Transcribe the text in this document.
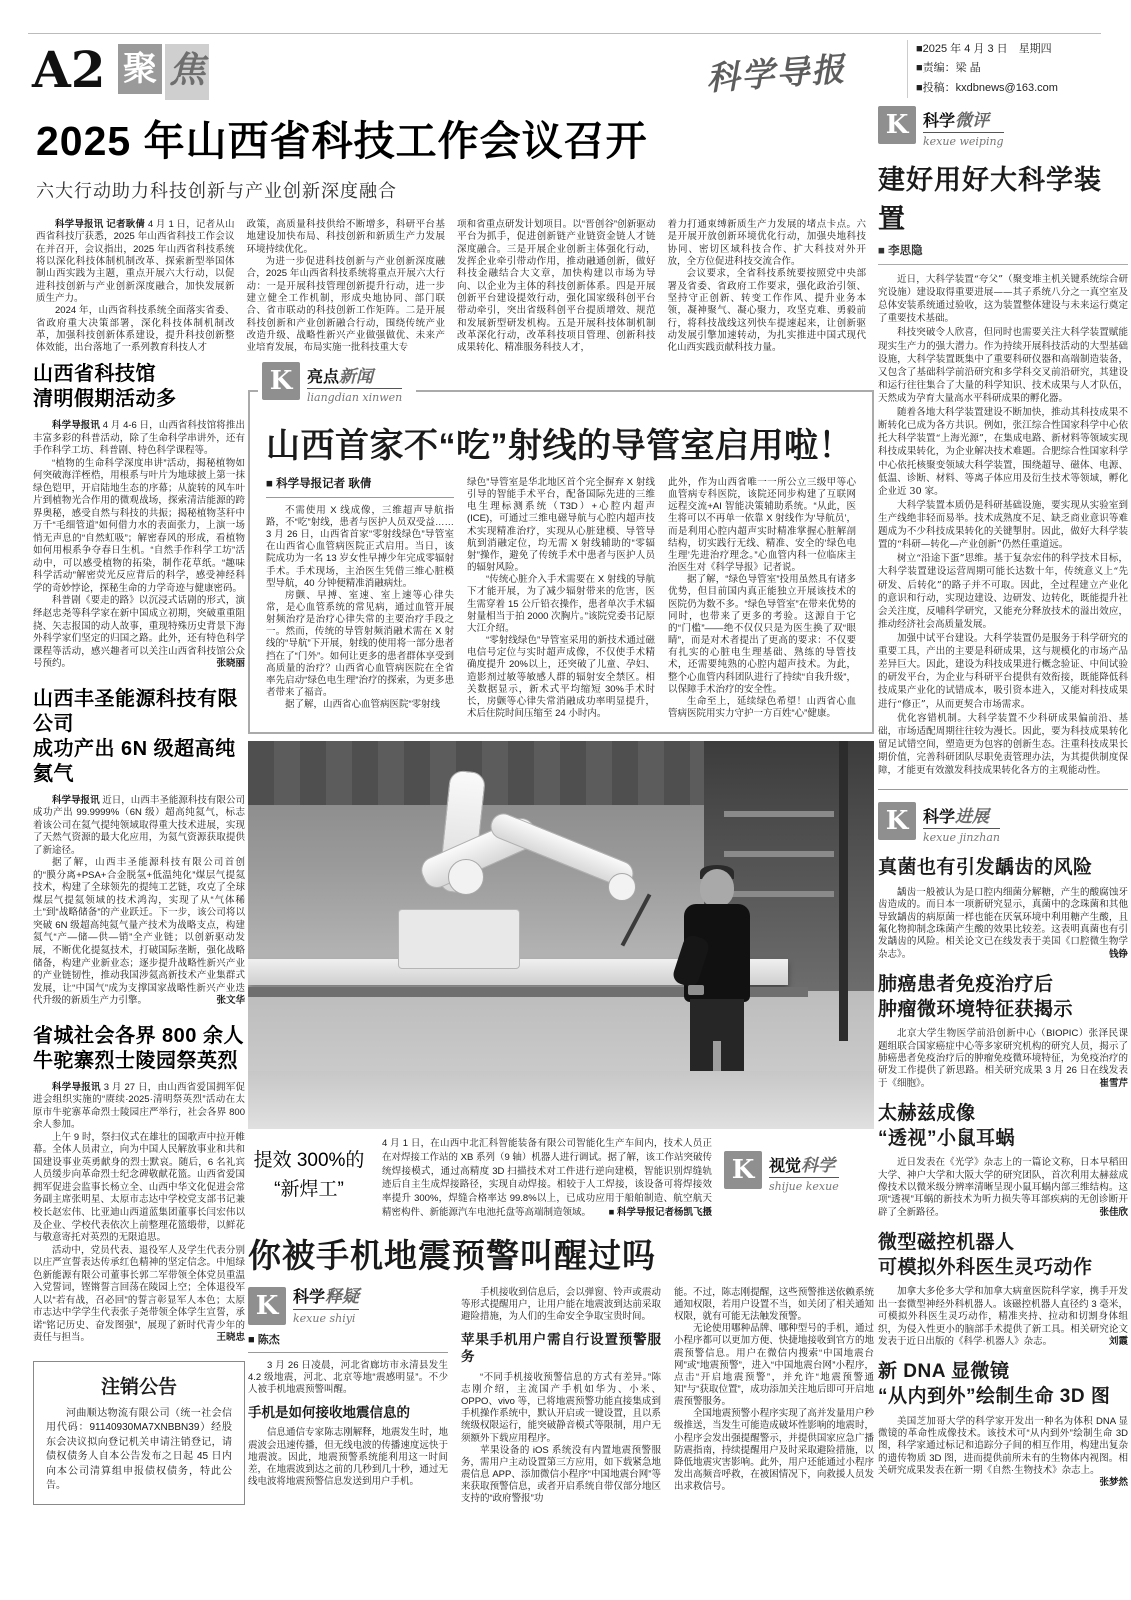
A2 聚 焦	科学导报
■2025 年 4 月 3 日　星期四
■责编：梁 晶
■投稿：kxdbnews@163.com
2025 年山西省科技工作会议召开
六大行动助力科技创新与产业创新深度融合

科学导报讯 记者耿倩 4 月 1 日，记者从山西省科技厅获悉，2025 年山西省科技工作会议在并召开，会议指出，2025 年山西省科技系统将以深化科技体制机制改革、探索新型举国体制山西实践为主题，重点开展六大行动，以促进科技创新与产业创新深度融合，加快发展新质生产力。

2024 年，山西省科技系统全面落实省委、省政府重大决策部署，深化科技体制机制改革，加强科技创新体系建设，提升科技创新整体效能，出台落地了一系列教育科技人才

政策，高质量科技供给不断增多，科研平台基地建设加快布局、科技创新和新质生产力发展环境持续优化。

为进一步促进科技创新与产业创新深度融合，2025 年山西省科技系统将重点开展六大行动：一是开展科技管理创新提升行动，进一步建立健全工作机制，形成央地协同、部门联合、省市联动的科技创新工作矩阵。二是开展科技创新和产业创新融合行动，围绕传统产业改造升级、战略性新兴产业做强做优、未来产业培育发展，布局实施一批科技重大专

项和省重点研发计划项目。以“晋创谷”创新驱动平台为抓手，促进创新链产业链资金链人才链深度融合。三是开展企业创新主体强化行动，发挥企业牵引带动作用，推动融通创新，做好科技金融结合大文章，加快构建以市场为导向、以企业为主体的科技创新体系。四是开展创新平台建设提效行动，强化国家级科创平台带动牵引，突出省级科创平台提质增效、规范和发展新型研发机构。五是开展科技体制机制改革深化行动，改革科技项目管理、创新科技成果转化、精准服务科技人才，

着力打通束缚新质生产力发展的堵点卡点。六是开展开放创新环境优化行动，加强央地科技协同、密切区域科技合作、扩大科技对外开放，全方位促进科技交流合作。

会议要求，全省科技系统要按照党中央部署及省委、省政府工作要求，强化政治引领、坚持守正创新、转变工作作风、提升业务本领，凝神聚气、凝心聚力，攻坚克难、勇毅前行，将科技战线这列快车提速起来，让创新驱动发展引擎加速转动，为扎实推进中国式现代化山西实践贡献科技力量。

山西省科技馆
清明假期活动多

科学导报讯 4 月 4-6 日，山西省科技馆将推出丰富多彩的科普活动，除了生命科学串讲外，还有手作科学工坊、科普剧、特色科学课程等。

“植物的生命科学深度串讲”活动，揭秘植物如何突破海洋桎梏，用根系与叶片为地球披上第一抹绿色铠甲，开启陆地生态的序幕；从旋转的风车叶片到植物光合作用的微观战场，探索清洁能源的跨界奥秘，感受自然与科技的共振；揭秘植物茎秆中万千“毛细管道”如何借力水的表面张力，上演一场悄无声息的“自然虹吸”；解密春风的形成，看植物如何用根系争夺春日生机。“自然手作科学工坊”活动中，可以感受植物的拓染，制作花草纸。“趣味科学活动”解密荧光反应背后的科学，感受神经科学的奇妙悖论，探秘生命的力学奇迹与健康密码。

科普剧《要走的路》以沉浸式话剧的形式，演绎赵忠尧等科学家在新中国成立初期，突破重重阻挠、矢志报国的动人故事，重现特殊历史背景下海外科学家们坚定的归国之路。此外，还有特色科学课程等活动，感兴趣者可以关注山西省科技馆公众号预约。	张晓丽

山西丰圣能源科技有限公司
成功产出 6N 级超高纯氦气

科学导报讯 近日，山西丰圣能源科技有限公司成功产出 99.9999%（6N 级）超高纯氦气，标志着该公司在氦气提纯领域取得重大技术进展，实现了天然气资源的最大化应用，为氦气资源获取提供了新途径。

据了解，山西丰圣能源科技有限公司首创的“膜分离+PSA+合金脱氢+低温纯化”煤层气提氦技术，构建了全球领先的提纯工艺链，攻克了全球煤层气提氦领域的技术鸿沟，实现了从“气体稀土”到“战略储备”的产业跃迁。下一步，该公司将以突破 6N 级超高纯氦气量产技术为战略支点，构建氦气“产—储—供—销”全产业链；以创新驱动发展，不断优化提氦技术，打破国际垄断，强化战略储备，构建产业新业态；逐步提升战略性新兴产业的产业链韧性，推动我国涉氦高新技术产业集群式发展，让“中国气”成为支撑国家战略性新兴产业迭代升级的新质生产力引擎。	张文华

省城社会各界 800 余人
牛驼寨烈士陵园祭英烈

科学导报讯 3 月 27 日，由山西省爱国拥军促进会组织实施的“赓续·2025·清明祭英烈”活动在太原市牛驼寨革命烈士陵园庄严举行，社会各界 800 余人参加。

上午 9 时，祭扫仪式在雄壮的国歌声中拉开帷幕。全体人员肃立，向为中国人民解放事业和共和国建设事业英勇献身的烈士默哀。随后，6 名礼宾人员缓步向革命烈士纪念碑敬献花篮。山西省爱国拥军促进会监事长杨立全、山西中华文化促进会常务副主席张明星、太原市志达中学校党支部书记兼校长赵宏伟、比亚迪山西道蓝集团董事长闫宏伟以及企业、学校代表依次上前整理花篮缎带，以鲜花与敬意寄托对英烈的无限追思。

活动中，党员代表、退役军人及学生代表分别以庄严宣誓表达传承红色精神的坚定信念。中旭绿色新能源有限公司董事长郭二军带领全体党员重温入党誓词，铿锵誓言回荡在陵园上空；全体退役军人以“若有战，召必回”的誓言彰显军人本色；太原市志达中学学生代表张子尧带领全体学生宣誓，承诺“铭记历史、奋发图强”，展现了新时代青少年的责任与担当。	王晓忠

注销公告
河曲顺达物流有限公司（统一社会信用代码：91140930MA7XNBBN39）经股东会决议拟向登记机关申请注销登记，请债权债务人自本公告发布之日起 45 日内向本公司清算组申报债权债务，特此公告。
K 亮点新闻
liangdian xinwen
山西首家不“吃”射线的导管室启用啦！
■ 科学导报记者 耿倩

不需使用 X 线成像，三维超声导航指路，不“吃”射线，患者与医护人员双受益……3 月 26 日，山西省首家“零射线绿色”导管室在山西省心血管病医院正式启用。当日，该院成功为一名 13 岁女性早搏少年完成零辐射手术。手术现场，主治医生凭借三维心脏模型导航，40 分钟便精准消融病灶。

房颤、早搏、室速、室上速等心律失常，是心血管系统的常见病，通过血管开展射频治疗是治疗心律失常的主要治疗手段之一。然而，传统的导管射频消融术需在 X 射线的“导航”下开展，射线的使用将一部分患者挡在了“门外”。如何让更多的患者群体享受到高质量的治疗？山西省心血管病医院在全省率先启动“绿色电生理”治疗的探索，为更多患者带来了福音。

据了解，山西省心血管病医院“零射线

绿色”导管室是华北地区首个完全摒弃 X 射线引导的智能手术平台，配备国际先进的三维电生理标测系统（T3D）+心腔内超声(ICE)，可通过三维电磁导航与心腔内超声技术实现精准治疗，实现从心脏建模、导管导航到消融定位，均无需 X 射线辅助的“零辐射”操作，避免了传统手术中患者与医护人员的辐射风险。

“传统心脏介入手术需要在 X 射线的导航下才能开展，为了减少辐射带来的危害，医生需穿着 15 公斤铅衣操作，患者单次手术辐射量相当于拍 2000 次胸片。”该院党委书记原大江介绍。

“零射线绿色”导管室采用的新技术通过磁电信号定位与实时超声成像，不仅使手术精确度提升 20%以上，还突破了儿童、孕妇、造影剂过敏等敏感人群的辐射安全禁区。相关数据显示，新术式平均缩短 30%手术时长，房颤等心律失常消融成功率明显提升，术后住院时间压缩至 24 小时内。

此外，作为山西省唯一一所公立三级甲等心血管病专科医院，该院还同步构建了互联网远程交流+AI 智能决策辅助系统。“从此，医生将可以不再单一依靠 X 射线作为‘导航员’，而是利用心腔内超声实时精准掌握心脏解剖结构，切实践行无线、精准、安全的‘绿色电生理’先进治疗理念。”心血管内科一位临床主治医生对《科学导报》记者说。

据了解，“绿色导管室”投用虽然具有诸多优势，但目前国内真正能独立开展该技术的医院仍为数不多。“绿色导管室”在带来优势的同时，也带来了更多的考验。这源自于它的“门槛”——绝不仅仅只是为医生换了双“眼睛”，而是对术者提出了更高的要求：不仅要有扎实的心脏电生理基础、熟练的导管技术，还需要纯熟的心腔内超声技术。为此，整个心血管内科团队进行了持续“自我升级”，以保障手术治疗的安全性。

生命至上，延续绿色希望！山西省心血管病医院用实力守护一方百姓“心”健康。

提效 300%的
“新焊工”
4 月 1 日，在山西中北汇科智能装备有限公司智能化生产车间内，技术人员正在对焊接工作站的 XB 系列（9 轴）机器人进行调试。据了解，该工作站突破传统焊接模式，通过高精度 3D 扫描技术对工件进行逆向建模，智能识别焊缝轨迹后自主生成焊接路径，实现自动焊接。相较于人工焊接，该设备可将焊接效率提升 300%，焊缝合格率达 99.8%以上，已成功应用于船舶制造、航空航天精密构件、新能源汽车电池托盘等高端制造领域。 ■ 科学导报记者杨凯飞摄
K 视觉科学
shijue kexue
你被手机地震预警叫醒过吗
K 科学释疑
kexue shiyi
■ 陈杰

3 月 26 日凌晨，河北省廊坊市永清县发生 4.2 级地震，河北、北京等地“震感明显”。不少人被手机地震预警叫醒。

手机是如何接收地震信息的

信息通信专家陈志刚解释，地震发生时，地震波会迅速传播，但无线电波的传播速度远快于地震波。因此，地震预警系统能利用这一时间差，在地震波到达之前的几秒到几十秒，通过无线电波将地震预警信息发送到用户手机。

手机接收到信息后，会以弹窗、铃声或震动等形式提醒用户，让用户能在地震波到达前采取避险措施，为人们的生命安全争取宝贵时间。

苹果手机用户需自行设置预警服务

“不同手机接收预警信息的方式有差异。”陈志刚介绍，主流国产手机如华为、小米、OPPO、vivo 等，已将地震预警功能直接集成到手机操作系统中，默认开启或一键设置，且以系统级权限运行，能突破静音模式等限制，用户无须额外下载应用程序。

苹果设备的 iOS 系统没有内置地震预警服务，需用户主动设置第三方应用，如下载紧急地震信息 APP、添加微信小程序“中国地震台网”等来获取预警信息，或者开启系统自带仅部分地区支持的“政府警报”功

能。不过，陈志刚提醒，这些预警推送依赖系统通知权限，若用户设置不当，如关闭了相关通知权限，就有可能无法触发预警。

无论使用哪种品牌、哪种型号的手机，通过小程序都可以更加方便、快捷地接收到官方的地震预警信息。用户在微信内搜索“中国地震台网”或“地震预警”，进入“中国地震台网”小程序，点击“开启地震预警”，并允许“地震预警通知”与“获取位置”，成功添加关注地后即可开启地震预警服务。

全国地震预警小程序实现了高并发量用户秒级推送，当发生可能造成破坏性影响的地震时，小程序会发出强提醒警示，并提供国家应急广播防震指南，持续提醒用户及时采取避险措施，以降低地震灾害影响。此外，用户还能通过小程序发出高频音呼救，在被困情况下，向救援人员发出求救信号。

K 科学微评
kexue weiping
建好用好大科学装置
■ 李思隐

近日，大科学装置“夸父”（聚变堆主机关键系统综合研究设施）建设取得重要进展——其子系统八分之一真空室及总体安装系统通过验收，这为装置整体建设与未来运行奠定了重要技术基础。

科技突破令人欣喜，但同时也需要关注大科学装置赋能现实生产力的强大潜力。作为持续开展科技活动的大型基础设施，大科学装置既集中了重要科研仪器和高端制造装备，又包含了基础科学前沿研究和多学科交叉前沿研究，其建设和运行往往集合了大量的科学知识、技术成果与人才队伍，天然成为孕育大量高水平科研成果的孵化器。

随着各地大科学装置建设不断加快，推动其科技成果不断转化已成为各方共识。例如，张江综合性国家科学中心依托大科学装置“上海光源”，在集成电路、新材料等领域实现科技成果转化，为企业解决技术难题。合肥综合性国家科学中心依托核聚变领域大科学装置，围绕超导、磁体、电源、低温、诊断、材料、等离子体应用及衍生技术等领域，孵化企业近 30 家。

大科学装置本质仍是科研基础设施，要实现从实验室到生产线绝非轻而易举。技术成熟度不足、缺乏商业意识等难题成为不少科技成果转化的关键掣肘。因此，做好大科学装置的“科研—转化—产业创新”仍然任重道远。

树立“沿途下蛋”思维。基于复杂宏伟的科学技术目标，大科学装置建设运营周期可能长达数十年，传统意义上“先研发、后转化”的路子并不可取。因此，全过程建立产业化的意识和行动，实现边建设、边研发、边转化，既能提升社会关注度，反哺科学研究，又能充分释放技术的溢出效应，推动经济社会高质量发展。

加强中试平台建设。大科学装置仍是服务于科学研究的重要工具，产出的主要是科研成果，这与规模化的市场产品差异巨大。因此，建设为科技成果进行概念验证、中间试验的研发平台，为企业与科研平台提供有效衔接，既能降低科技成果产业化的试错成本，吸引资本进入，又能对科技成果进行“修正”，从而更契合市场需求。

优化容错机制。大科学装置不少科研成果偏前沿、基础，市场适配周期往往较为漫长。因此，要为科技成果转化留足试错空间，塑造更为包容的创新生态。注重科技成果长期价值，完善科研团队尽职免责管理办法，为其提供制度保障，才能更有效激发科技成果转化各方的主观能动性。

K 科学进展
kexue jinzhan
真菌也有引发龋齿的风险
龋齿一般被认为是口腔内细菌分解糖，产生的酸腐蚀牙齿造成的。而日本一项新研究显示，真菌中的念珠菌和其他导致龋齿的病原菌一样也能在厌氧环境中利用糖产生酸，且氟化物抑制念珠菌产生酸的效果比较差。这表明真菌也有引发龋齿的风险。相关论文已在线发表于美国《口腔微生物学杂志》。	钱铮
肺癌患者免疫治疗后
肿瘤微环境特征获揭示
北京大学生物医学前沿创新中心（BIOPIC）张泽民课题组联合国家癌症中心等多家研究机构的研究人员，揭示了肺癌患者免疫治疗后的肿瘤免疫微环境特征，为免疫治疗的研发工作提供了新思路。相关研究成果 3 月 26 日在线发表于《细胞》。	崔雪芹
太赫兹成像
“透视”小鼠耳蜗
近日发表在《光学》杂志上的一篇论文称，日本早稻田大学、神户大学和大阪大学的研究团队，首次利用太赫兹成像技术以微米级分辨率清晰呈现小鼠耳蜗内部三维结构。这项“透视”耳蜗的新技术为听力损失等耳部疾病的无创诊断开辟了全新路径。	张佳欣
微型磁控机器人
可模拟外科医生灵巧动作
加拿大多伦多大学和加拿大病童医院科学家，携手开发出一套微型神经外科机器人。该磁控机器人直径约 3 毫米，可模拟外科医生灵巧动作，精准夹持、拉动和切割身体组织，为侵入性更小的脑部手术提供了新工具。相关研究论文发表于近日出版的《科学·机器人》杂志。	刘霞
新 DNA 显微镜
“从内到外”绘制生命 3D 图
美国芝加哥大学的科学家开发出一种名为体积 DNA 显微镜的革命性成像技术。该技术可“从内到外”绘制生命 3D 图，科学家通过标记和追踪分子间的相互作用，构建出复杂的遗传物质 3D 图，进而提供前所未有的生物体内视图。相关研究成果发表在新一期《自然·生物技术》杂志上。
张梦然
